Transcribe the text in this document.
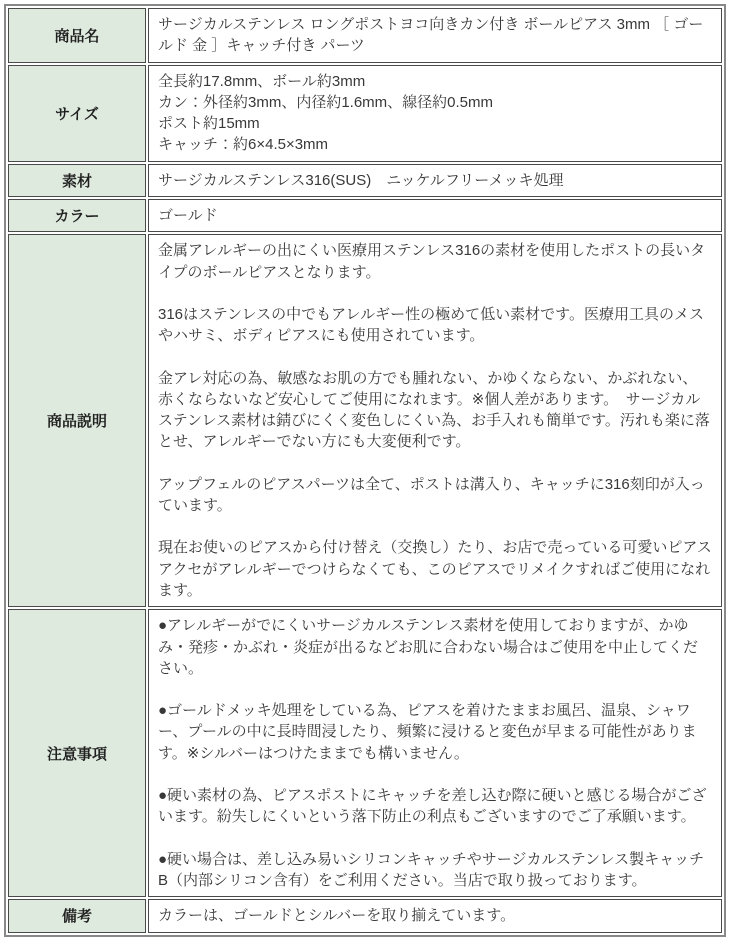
商品名	サージカルステンレス ロングポストヨコ向きカン付き ボールピアス 3mm ［ ゴールド 金 ］キャッチ付き パーツ

サイズ	全長約17.8mm、ボール約3mm
カン：外径約3mm、内径約1.6mm、線径約0.5mm
ポスト約15mm
キャッチ：約6×4.5×3mm

素材	サージカルステンレス316(SUS)　ニッケルフリーメッキ処理

カラー	ゴールド

商品説明	金属アレルギーの出にくい医療用ステンレス316の素材を使用したポストの長いタイプのボールピアスとなります。

316はステンレスの中でもアレルギー性の極めて低い素材です。医療用工具のメスやハサミ、ボディピアスにも使用されています。

金アレ対応の為、敏感なお肌の方でも腫れない、かゆくならない、かぶれない、赤くならないなど安心してご使用になれます。※個人差があります。　サージカルステンレス素材は錆びにくく変色しにくい為、お手入れも簡単です。汚れも楽に落とせ、アレルギーでない方にも大変便利です。

アップフェルのピアスパーツは全て、ポストは溝入り、キャッチに316刻印が入っています。

現在お使いのピアスから付け替え（交換し）たり、お店で売っている可愛いピアスアクセがアレルギーでつけらなくても、このピアスでリメイクすればご使用になれます。

注意事項	●アレルギーがでにくいサージカルステンレス素材を使用しておりますが、かゆみ・発疹・かぶれ・炎症が出るなどお肌に合わない場合はご使用を中止してください。

●ゴールドメッキ処理をしている為、ピアスを着けたままお風呂、温泉、シャワー、プールの中に長時間浸したり、頻繁に浸けると変色が早まる可能性があります。※シルバーはつけたままでも構いません。

●硬い素材の為、ピアスポストにキャッチを差し込む際に硬いと感じる場合がございます。紛失しにくいという落下防止の利点もございますのでご了承願います。

●硬い場合は、差し込み易いシリコンキャッチやサージカルステンレス製キャッチB（内部シリコン含有）をご利用ください。当店で取り扱っております。

備考	カラーは、ゴールドとシルバーを取り揃えています。
